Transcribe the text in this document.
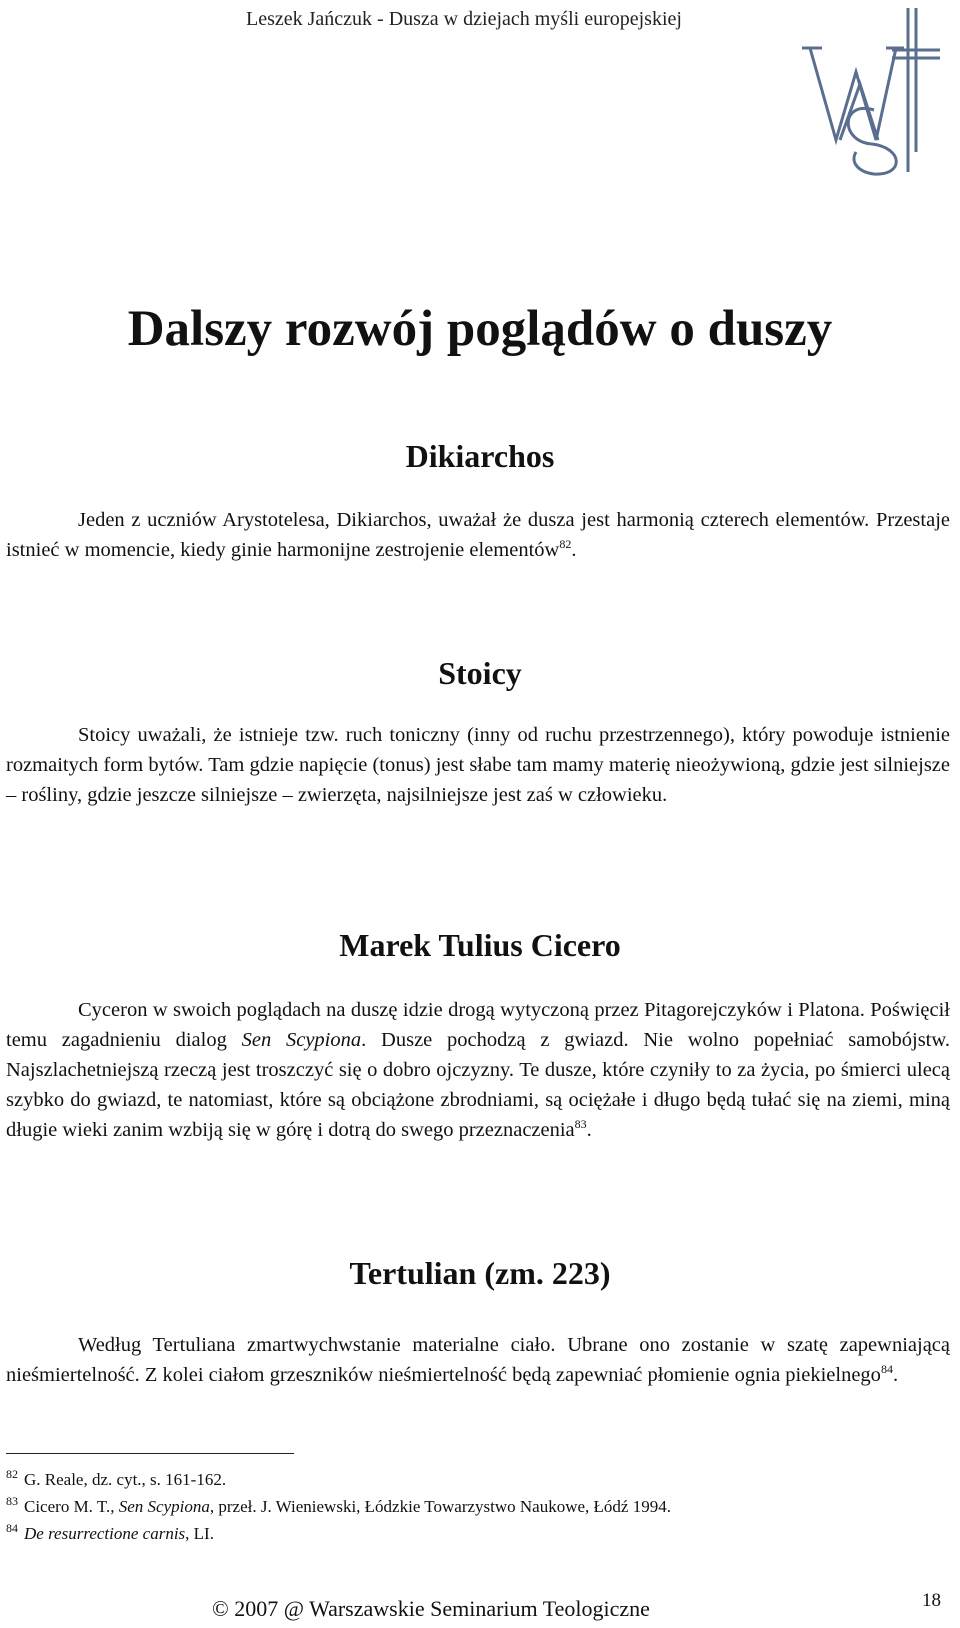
Leszek Jańczuk - Dusza w dziejach myśli europejskiej
Dalszy rozwój poglądów o duszy
Dikiarchos

Jeden z uczniów Arystotelesa, Dikiarchos, uważał że dusza jest harmonią czterech elementów. Przestaje istnieć w momencie, kiedy ginie harmonijne zestrojenie elementów$^{82}$.

Stoicy

Stoicy uważali, że istnieje tzw. ruch toniczny (inny od ruchu przestrzennego), który powoduje istnienie rozmaitych form bytów. Tam gdzie napięcie (tonus) jest słabe tam mamy materię nieożywioną, gdzie jest silniejsze – rośliny, gdzie jeszcze silniejsze – zwierzęta, najsilniejsze jest zaś w człowieku.

Marek Tulius Cicero

Cyceron w swoich poglądach na duszę idzie drogą wytyczoną przez Pitagorejczyków i Platona. Poświęcił temu zagadnieniu dialog Sen Scypiona. Dusze pochodzą z gwiazd. Nie wolno popełniać samobójstw. Najszlachetniejszą rzeczą jest troszczyć się o dobro ojczyzny. Te dusze, które czyniły to za życia, po śmierci ulecą szybko do gwiazd, te natomiast, które są obciążone zbrodniami, są ociężałe i długo będą tułać się na ziemi, miną długie wieki zanim wzbiją się w górę i dotrą do swego przeznaczenia$^{83}$.

Tertulian (zm. 223)

Według Tertuliana zmartwychwstanie materialne ciało. Ubrane ono zostanie w szatę zapewniającą nieśmiertelność. Z kolei ciałom grzeszników nieśmiertelność będą zapewniać płomienie ognia piekielnego$^{84}$.

$^{82}$ G. Reale, dz. cyt., s. 161-162.
$^{83}$ Cicero M. T., Sen Scypiona, przeł. J. Wieniewski, Łódzkie Towarzystwo Naukowe, Łódź 1994.
$^{84}$ De resurrectione carnis, LI.
© 2007 @ Warszawskie Seminarium Teologiczne	18
